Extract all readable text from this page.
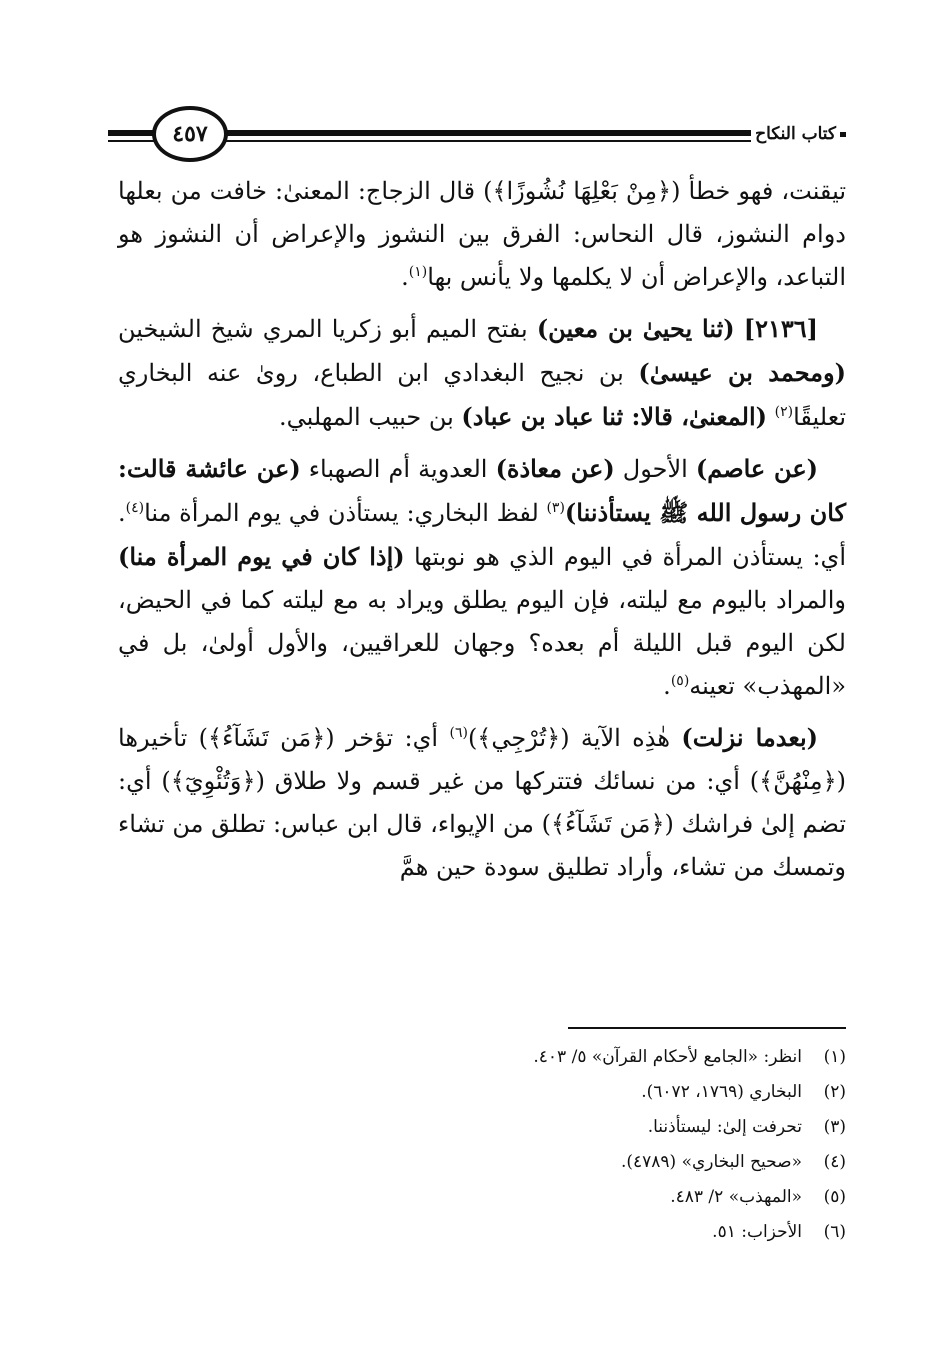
٤٥٧	كتاب النكاح

تيقنت، فهو خطأ (﴿مِنْ بَعْلِهَا نُشُوزًا﴾) قال الزجاج: المعنىٰ: خافت من بعلها دوام النشوز، قال النحاس: الفرق بين النشوز والإعراض أن النشوز هو التباعد، والإعراض أن لا يكلمها ولا يأنس بها$^{(١)}$.

[٢١٣٦] (ثنا يحيىٰ بن معين) بفتح الميم أبو زكريا المري شيخ الشيخين (ومحمد بن عيسىٰ) بن نجيح البغدادي ابن الطباع، روىٰ عنه البخاري تعليقًا$^{(٢)}$ (المعنىٰ، قالا: ثنا عباد بن عباد) بن حبيب المهلبي.

(عن عاصم) الأحول (عن معاذة) العدوية أم الصهباء (عن عائشة قالت: كان رسول الله ﷺ يستأذننا)$^{(٣)}$ لفظ البخاري: يستأذن في يوم المرأة منا$^{(٤)}$. أي: يستأذن المرأة في اليوم الذي هو نوبتها (إذا كان في يوم المرأة منا) والمراد باليوم مع ليلته، فإن اليوم يطلق ويراد به مع ليلته كما في الحيض، لكن اليوم قبل الليلة أم بعده؟ وجهان للعراقيين، والأول أولىٰ، بل في «المهذب» تعينه$^{(٥)}$.

(بعدما نزلت) هٰذِه الآية (﴿تُرْجِي﴾)$^{(٦)}$ أي: تؤخر (﴿مَن تَشَآءُ﴾) تأخيرها (﴿مِنْهُنَّ﴾) أي: من نسائك فتتركها من غير قسم ولا طلاق (﴿وَتُئْوِيٓ﴾) أي: تضم إلىٰ فراشك (﴿مَن تَشَآءُ﴾) من الإيواء، قال ابن عباس: تطلق من تشاء وتمسك من تشاء، وأراد تطليق سودة حين همَّ

(١)
انظر: «الجامع لأحكام القرآن» ٥/ ٤٠٣.
(٢)
البخاري (١٧٦٩، ٦٠٧٢).
(٣)
تحرفت إلىٰ: ليستأذننا.
(٤)
«صحيح البخاري» (٤٧٨٩).
(٥)
«المهذب» ٢/ ٤٨٣.
(٦)
الأحزاب: ٥١.
